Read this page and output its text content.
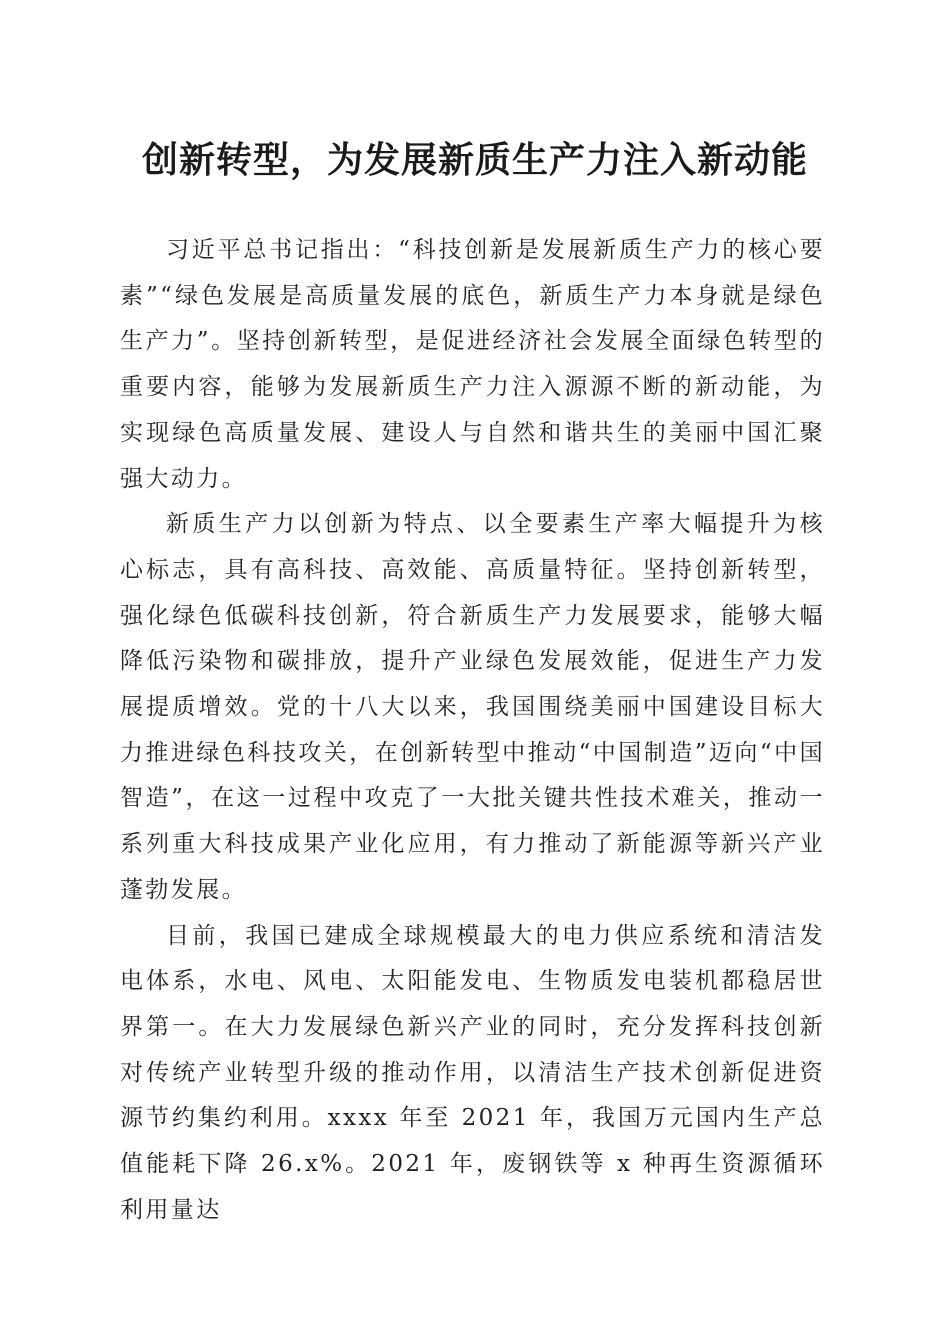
创新转型，为发展新质生产力注入新动能

习近平总书记指出：“科技创新是发展新质生产力的核心要素”“绿色发展是高质量发展的底色，新质生产力本身就是绿色生产力”。坚持创新转型，是促进经济社会发展全面绿色转型的重要内容，能够为发展新质生产力注入源源不断的新动能，为实现绿色高质量发展、建设人与自然和谐共生的美丽中国汇聚强大动力。

新质生产力以创新为特点、以全要素生产率大幅提升为核心标志，具有高科技、高效能、高质量特征。坚持创新转型，强化绿色低碳科技创新，符合新质生产力发展要求，能够大幅降低污染物和碳排放，提升产业绿色发展效能，促进生产力发展提质增效。党的十八大以来，我国围绕美丽中国建设目标大力推进绿色科技攻关，在创新转型中推动“中国制造”迈向“中国智造”，在这一过程中攻克了一大批关键共性技术难关，推动一系列重大科技成果产业化应用，有力推动了新能源等新兴产业蓬勃发展。

目前，我国已建成全球规模最大的电力供应系统和清洁发电体系，水电、风电、太阳能发电、生物质发电装机都稳居世界第一。在大力发展绿色新兴产业的同时，充分发挥科技创新对传统产业转型升级的推动作用，以清洁生产技术创新促进资源节约集约利用。xxxx 年至 2021 年，我国万元国内生产总值能耗下降 26.x%。2021 年，废钢铁等 x 种再生资源循环利用量达
